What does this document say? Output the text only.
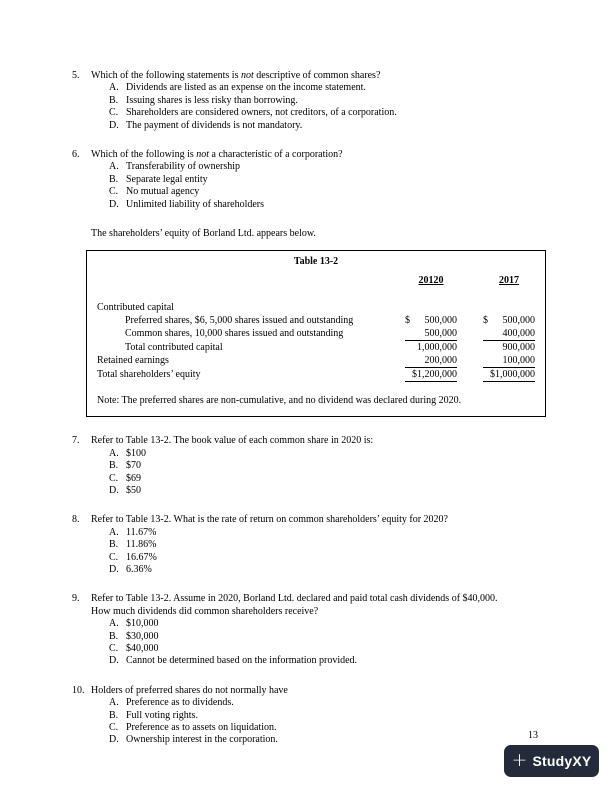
5.	Which of the following statements is not descriptive of common shares?
A. Dividends are listed as an expense on the income statement.
B. Issuing shares is less risky than borrowing.
C. Shareholders are considered owners, not creditors, of a corporation.
D. The payment of dividends is not mandatory.
6.	Which of the following is not a characteristic of a corporation?
A. Transferability of ownership
B. Separate legal entity
C. No mutual agency
D. Unlimited liability of shareholders
The shareholders’ equity of Borland Ltd. appears below.
Table 13-2
20120	2017
Contributed capital
Preferred shares, $6, 5,000 shares issued and outstanding	$ 500,000	$ 500,000
Common shares, 10,000 shares issued and outstanding	500,000	400,000
Total contributed capital	1,000,000	900,000
Retained earnings	200,000	100,000
Total shareholders’ equity	$1,200,000	$1,000,000
Note: The preferred shares are non-cumulative, and no dividend was declared during 2020.
7.	Refer to Table 13-2. The book value of each common share in 2020 is:
A. $100
B. $70
C. $69
D. $50
8.	Refer to Table 13-2. What is the rate of return on common shareholders’ equity for 2020?
A. 11.67%
B. 11.86%
C. 16.67%
D. 6.36%
9.	Refer to Table 13-2. Assume in 2020, Borland Ltd. declared and paid total cash dividends of $40,000.
How much dividends did common shareholders receive?
A. $10,000
B. $30,000
C. $40,000
D. Cannot be determined based on the information provided.
10. Holders of preferred shares do not normally have
A. Preference as to dividends.
B. Full voting rights.
C. Preference as to assets on liquidation.
D. Ownership interest in the corporation.	13
+ StudyXY
